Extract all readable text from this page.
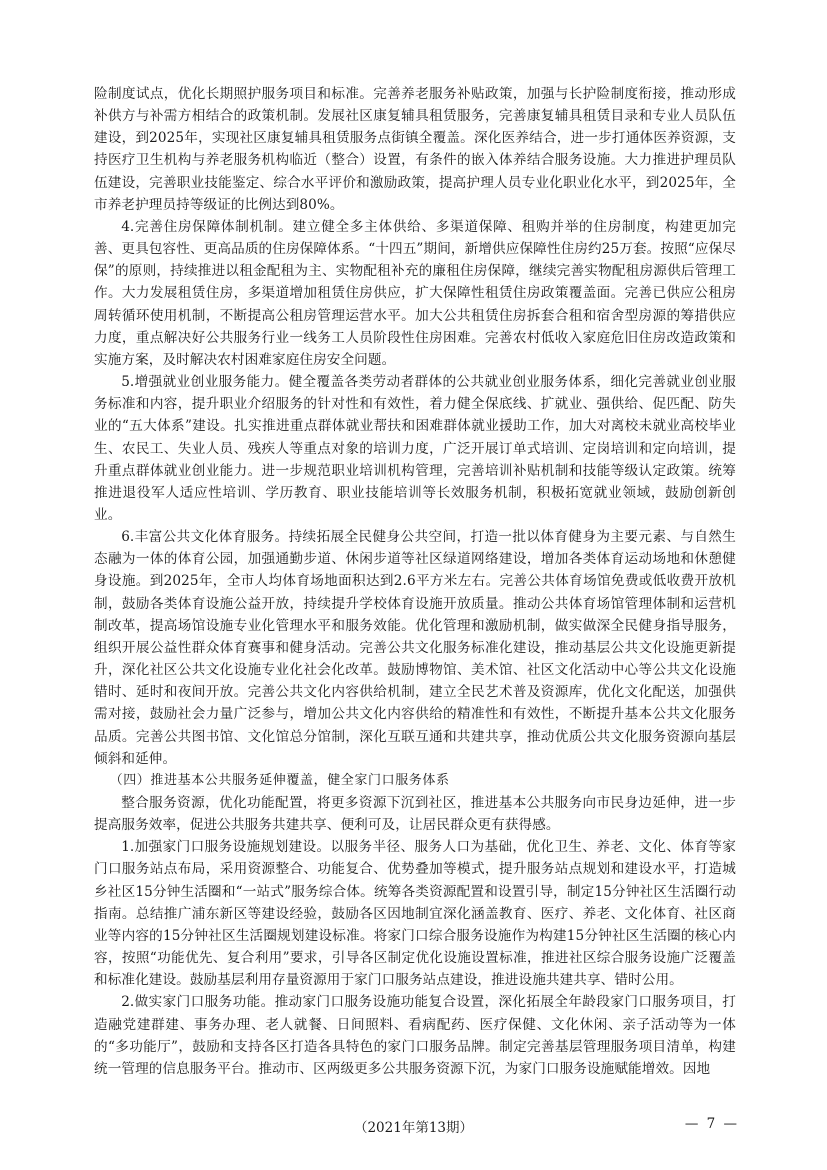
险制度试点，优化长期照护服务项目和标准。完善养老服务补贴政策，加强与长护险制度衔接，推动形成补供方与补需方相结合的政策机制。发展社区康复辅具租赁服务，完善康复辅具租赁目录和专业人员队伍建设，到2025年，实现社区康复辅具租赁服务点街镇全覆盖。深化医养结合，进一步打通体医养资源，支持医疗卫生机构与养老服务机构临近（整合）设置，有条件的嵌入体养结合服务设施。大力推进护理员队伍建设，完善职业技能鉴定、综合水平评价和激励政策，提高护理人员专业化职业化水平，到2025年，全市养老护理员持等级证的比例达到80%。

4.完善住房保障体制机制。建立健全多主体供给、多渠道保障、租购并举的住房制度，构建更加完善、更具包容性、更高品质的住房保障体系。“十四五”期间，新增供应保障性住房约25万套。按照“应保尽保”的原则，持续推进以租金配租为主、实物配租补充的廉租住房保障，继续完善实物配租房源供后管理工作。大力发展租赁住房，多渠道增加租赁住房供应，扩大保障性租赁住房政策覆盖面。完善已供应公租房周转循环使用机制，不断提高公租房管理运营水平。加大公共租赁住房拆套合租和宿舍型房源的筹措供应力度，重点解决好公共服务行业一线务工人员阶段性住房困难。完善农村低收入家庭危旧住房改造政策和实施方案，及时解决农村困难家庭住房安全问题。

5.增强就业创业服务能力。健全覆盖各类劳动者群体的公共就业创业服务体系，细化完善就业创业服务标准和内容，提升职业介绍服务的针对性和有效性，着力健全保底线、扩就业、强供给、促匹配、防失业的“五大体系”建设。扎实推进重点群体就业帮扶和困难群体就业援助工作，加大对离校未就业高校毕业生、农民工、失业人员、残疾人等重点对象的培训力度，广泛开展订单式培训、定岗培训和定向培训，提升重点群体就业创业能力。进一步规范职业培训机构管理，完善培训补贴机制和技能等级认定政策。统筹推进退役军人适应性培训、学历教育、职业技能培训等长效服务机制，积极拓宽就业领域，鼓励创新创业。

6.丰富公共文化体育服务。持续拓展全民健身公共空间，打造一批以体育健身为主要元素、与自然生态融为一体的体育公园，加强通勤步道、休闲步道等社区绿道网络建设，增加各类体育运动场地和休憩健身设施。到2025年，全市人均体育场地面积达到2.6平方米左右。完善公共体育场馆免费或低收费开放机制，鼓励各类体育设施公益开放，持续提升学校体育设施开放质量。推动公共体育场馆管理体制和运营机制改革，提高场馆设施专业化管理水平和服务效能。优化管理和激励机制，做实做深全民健身指导服务，组织开展公益性群众体育赛事和健身活动。完善公共文化服务标准化建设，推动基层公共文化设施更新提升，深化社区公共文化设施专业化社会化改革。鼓励博物馆、美术馆、社区文化活动中心等公共文化设施错时、延时和夜间开放。完善公共文化内容供给机制，建立全民艺术普及资源库，优化文化配送，加强供需对接，鼓励社会力量广泛参与，增加公共文化内容供给的精准性和有效性，不断提升基本公共文化服务品质。完善公共图书馆、文化馆总分馆制，深化互联互通和共建共享，推动优质公共文化服务资源向基层倾斜和延伸。

（四）推进基本公共服务延伸覆盖，健全家门口服务体系

整合服务资源，优化功能配置，将更多资源下沉到社区，推进基本公共服务向市民身边延伸，进一步提高服务效率，促进公共服务共建共享、便利可及，让居民群众更有获得感。

1.加强家门口服务设施规划建设。以服务半径、服务人口为基础，优化卫生、养老、文化、体育等家门口服务站点布局，采用资源整合、功能复合、优势叠加等模式，提升服务站点规划和建设水平，打造城乡社区15分钟生活圈和“一站式”服务综合体。统筹各类资源配置和设置引导，制定15分钟社区生活圈行动指南。总结推广浦东新区等建设经验，鼓励各区因地制宜深化涵盖教育、医疗、养老、文化体育、社区商业等内容的15分钟社区生活圈规划建设标准。将家门口综合服务设施作为构建15分钟社区生活圈的核心内容，按照“功能优先、复合利用”要求，引导各区制定优化设施设置标准，推进社区综合服务设施广泛覆盖和标准化建设。鼓励基层利用存量资源用于家门口服务站点建设，推进设施共建共享、错时公用。

2.做实家门口服务功能。推动家门口服务设施功能复合设置，深化拓展全年龄段家门口服务项目，打造融党建群建、事务办理、老人就餐、日间照料、看病配药、医疗保健、文化休闲、亲子活动等为一体的“多功能厅”，鼓励和支持各区打造各具特色的家门口服务品牌。制定完善基层管理服务项目清单，构建统一管理的信息服务平台。推动市、区两级更多公共服务资源下沉，为家门口服务设施赋能增效。因地

（2021年第13期）	— 7 —
